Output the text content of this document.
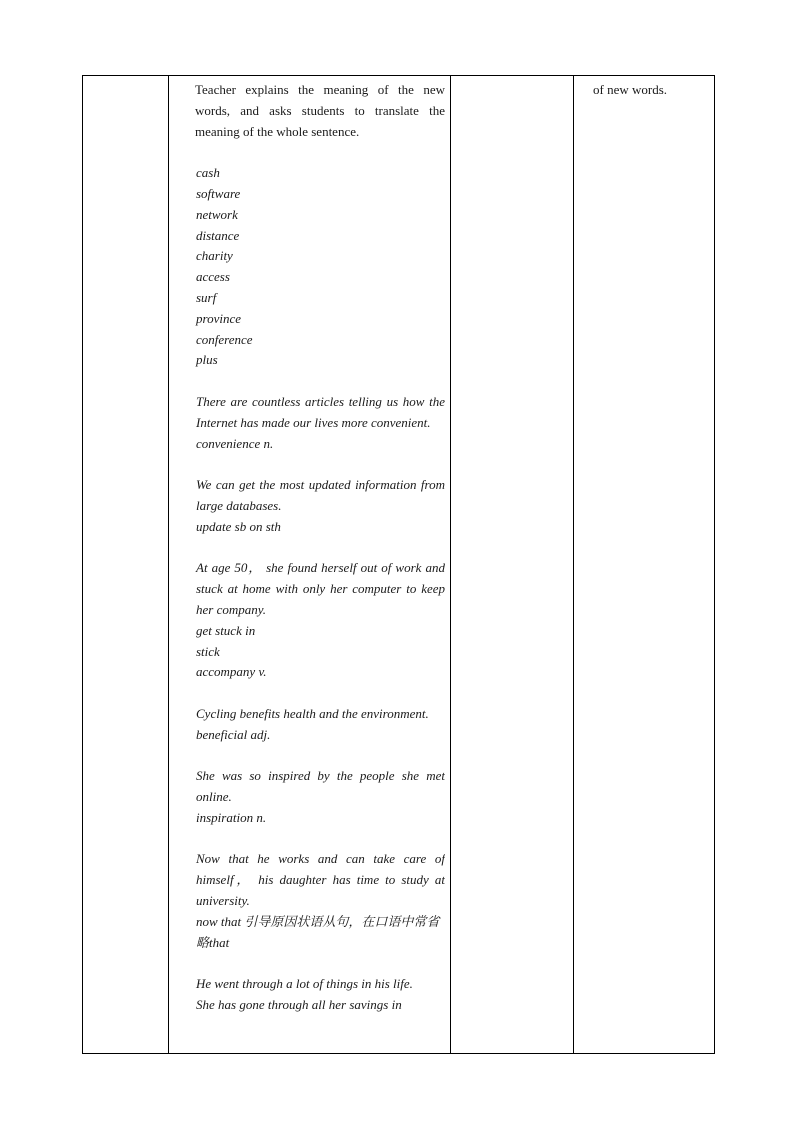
Teacher explains the meaning of the new words, and asks students to translate the meaning of the whole sentence.

cash
software
network
distance
charity
access
surf
province
conference
plus

There are countless articles telling us how the Internet has made our lives more convenient.

convenience n.

We can get the most updated information from large databases.

update sb on sth

At age 50， she found herself out of work and stuck at home with only her computer to keep her company.

get stuck in

stick

accompany v.

Cycling benefits health and the environment.

beneficial adj.

She was so inspired by the people she met online.

inspiration n.

Now that he works and can take care of himself， his daughter has time to study at university.

now that 引导原因状语从句，在口语中常省略that

He went through a lot of things in his life.

She has gone through all her savings in

of new words.
